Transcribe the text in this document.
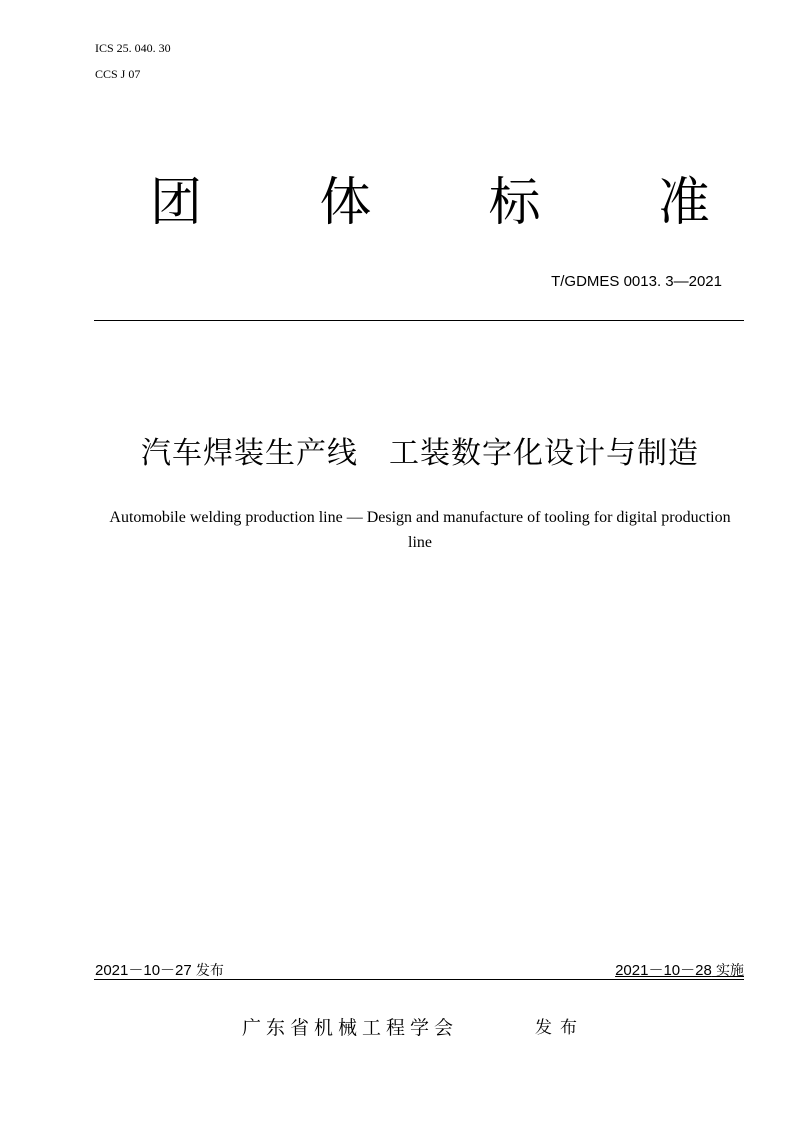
ICS 25. 040. 30
CCS J 07
团 体 标 准
T/GDMES 0013. 3—2021
汽车焊装生产线　工装数字化设计与制造
Automobile welding production line — Design and manufacture of tooling for digital production line
2021－10－27 发布	2021－10－28 实施
广东省机械工程学会	发布
